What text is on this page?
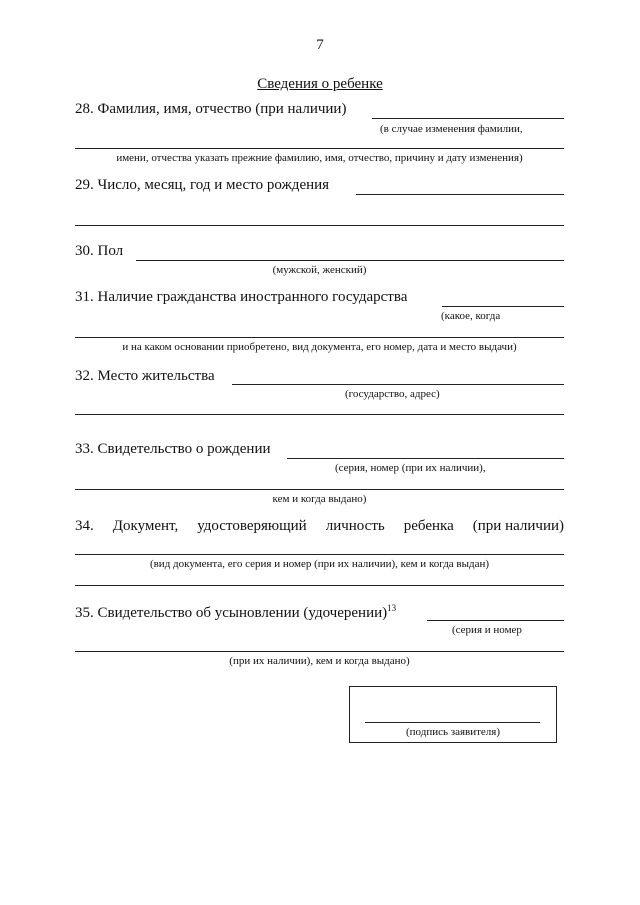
7
Сведения о ребенке
28. Фамилия, имя, отчество (при наличии)
(в случае изменения фамилии,
имени, отчества указать прежние фамилию, имя, отчество, причину и дату изменения)
29. Число, месяц, год и место рождения
30. Пол
(мужской, женский)
31. Наличие гражданства иностранного государства
(какое, когда
и на каком основании приобретено, вид документа, его номер, дата и место выдачи)
32. Место жительства
(государство, адрес)
33. Свидетельство о рождении
(серия, номер (при их наличии),
кем и когда выдано)
34. Документ, удостоверяющий личность ребенка (при наличии)
(вид документа, его серия и номер (при их наличии), кем и когда выдан)
35. Свидетельство об усыновлении (удочерении)$^{13}$
(серия и номер
(при их наличии), кем и когда выдано)
(подпись заявителя)
